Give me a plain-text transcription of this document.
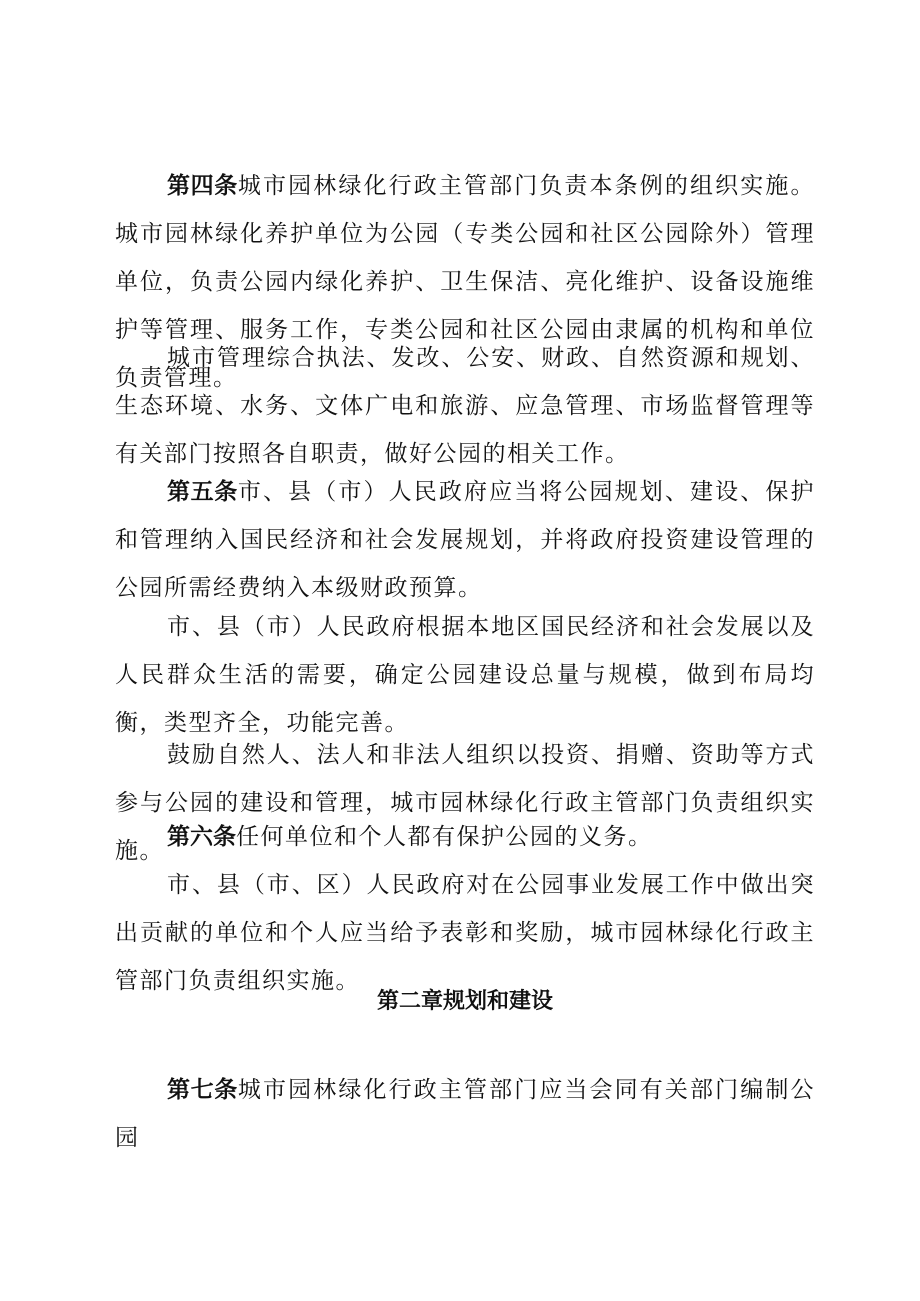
第四条城市园林绿化行政主管部门负责本条例的组织实施。城市园林绿化养护单位为公园（专类公园和社区公园除外）管理单位，负责公园内绿化养护、卫生保洁、亮化维护、设备设施维护等管理、服务工作，专类公园和社区公园由隶属的机构和单位负责管理。

城市管理综合执法、发改、公安、财政、自然资源和规划、生态环境、水务、文体广电和旅游、应急管理、市场监督管理等有关部门按照各自职责，做好公园的相关工作。

第五条市、县（市）人民政府应当将公园规划、建设、保护和管理纳入国民经济和社会发展规划，并将政府投资建设管理的公园所需经费纳入本级财政预算。

市、县（市）人民政府根据本地区国民经济和社会发展以及人民群众生活的需要，确定公园建设总量与规模，做到布局均衡，类型齐全，功能完善。

鼓励自然人、法人和非法人组织以投资、捐赠、资助等方式参与公园的建设和管理，城市园林绿化行政主管部门负责组织实施。

第六条任何单位和个人都有保护公园的义务。

市、县（市、区）人民政府对在公园事业发展工作中做出突出贡献的单位和个人应当给予表彰和奖励，城市园林绿化行政主管部门负责组织实施。

第二章规划和建设

第七条城市园林绿化行政主管部门应当会同有关部门编制公园
